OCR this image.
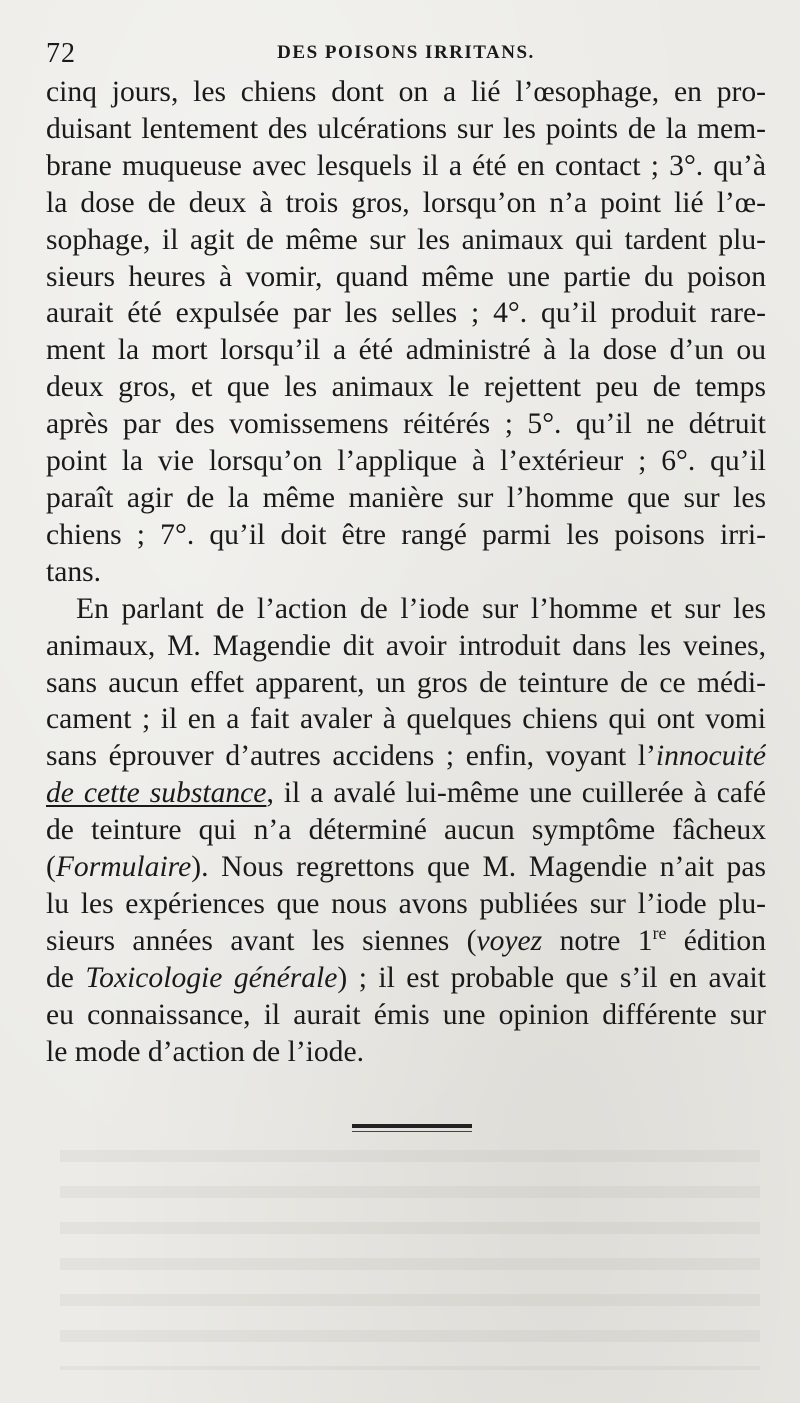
72	DES POISONS IRRITANS.

cinq jours, les chiens dont on a lié l’œsophage, en pro-
duisant lentement des ulcérations sur les points de la mem-
brane muqueuse avec lesquels il a été en contact ; 3°. qu’à
la dose de deux à trois gros, lorsqu’on n’a point lié l’œ-
sophage, il agit de même sur les animaux qui tardent plu-
sieurs heures à vomir, quand même une partie du poison
aurait été expulsée par les selles ; 4°. qu’il produit rare-
ment la mort lorsqu’il a été administré à la dose d’un ou
deux gros, et que les animaux le rejettent peu de temps
après par des vomissemens réitérés ; 5°. qu’il ne détruit
point la vie lorsqu’on l’applique à l’extérieur ; 6°. qu’il
paraît agir de la même manière sur l’homme que sur les
chiens ; 7°. qu’il doit être rangé parmi les poisons irri-
tans.

En parlant de l’action de l’iode sur l’homme et sur les
animaux, M. Magendie dit avoir introduit dans les veines,
sans aucun effet apparent, un gros de teinture de ce médi-
cament ; il en a fait avaler à quelques chiens qui ont vomi
sans éprouver d’autres accidens ; enfin, voyant l’innocuité
de cette substance, il a avalé lui-même une cuillerée à café
de teinture qui n’a déterminé aucun symptôme fâcheux
(Formulaire). Nous regrettons que M. Magendie n’ait pas
lu les expériences que nous avons publiées sur l’iode plu-
sieurs années avant les siennes (voyez notre 1re édition
de Toxicologie générale) ; il est probable que s’il en avait
eu connaissance, il aurait émis une opinion différente sur
le mode d’action de l’iode.
